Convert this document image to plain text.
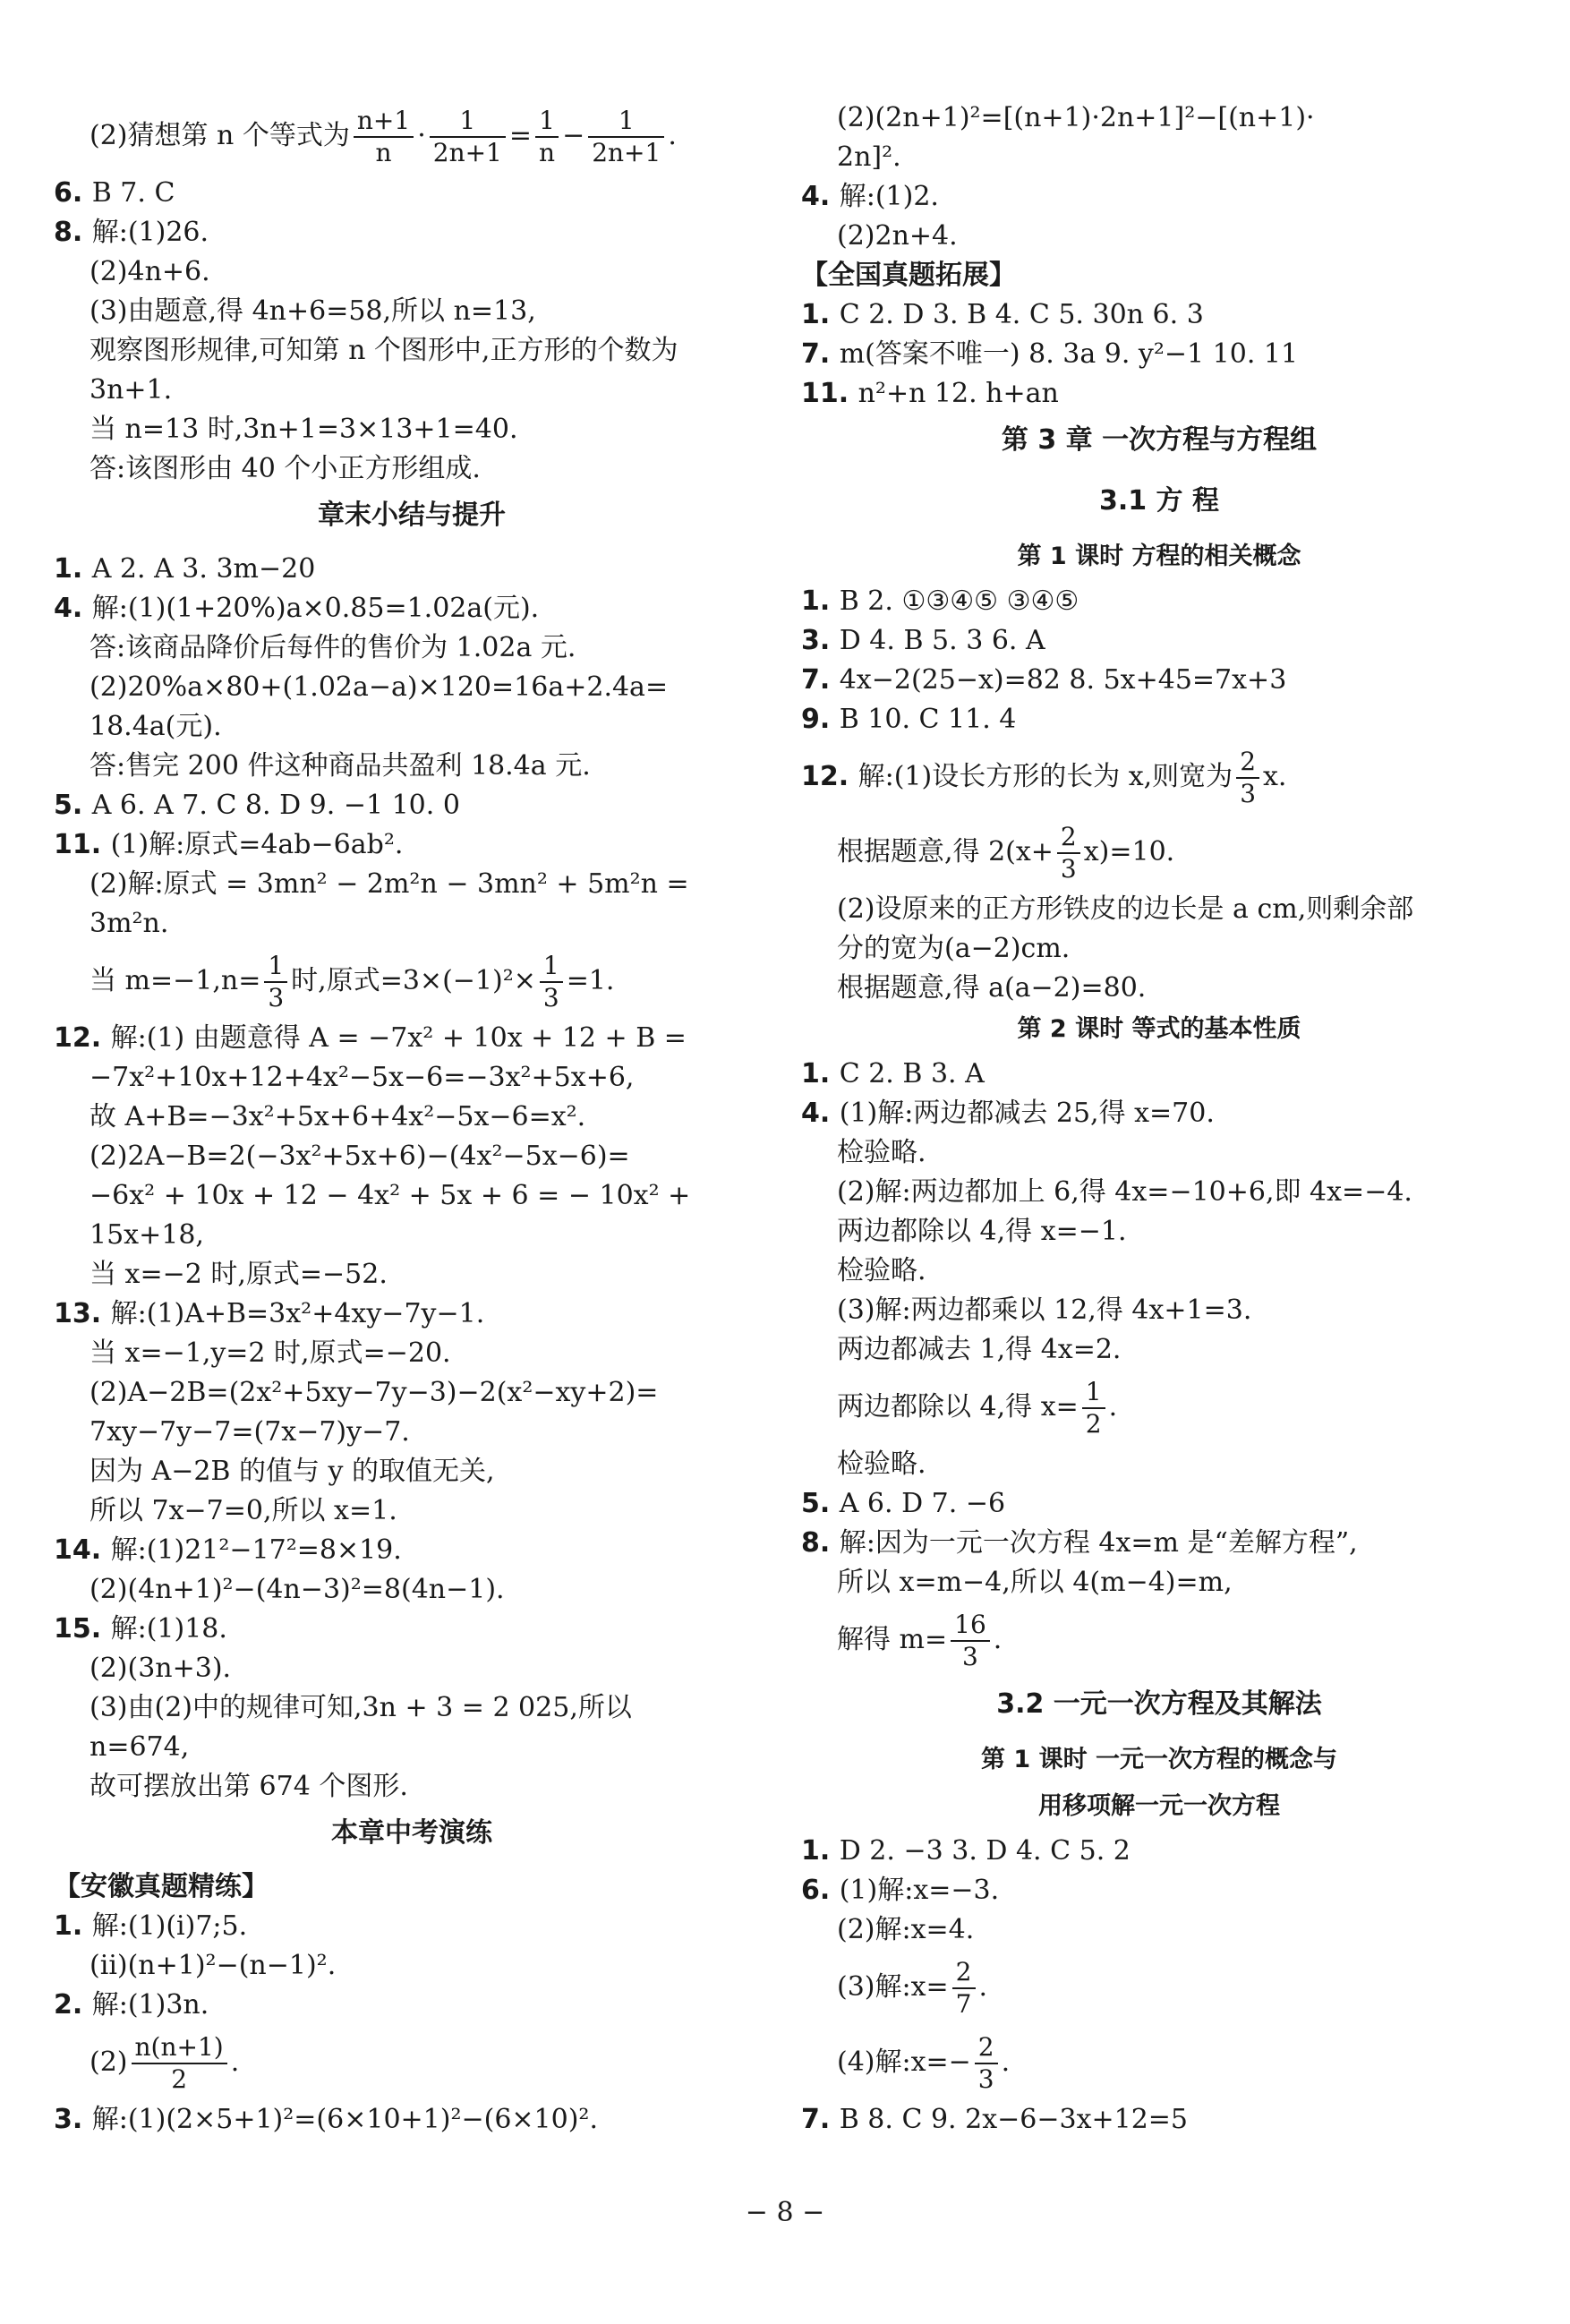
(2)猜想第 n 个等式为 $\frac{n+1}{n} \cdot \frac{1}{2n+1} = \frac{1}{n} - \frac{1}{2n+1}$ .
6. B 7. C
8. 解:(1)26.
(2)4n+6.
(3)由题意,得 4n+6=58,所以 n=13,
观察图形规律,可知第 n 个图形中,正方形的个数为
3n+1.
当 n=13 时,3n+1=3×13+1=40.
答:该图形由 40 个小正方形组成.
章末小结与提升
1. A 2. A 3. 3m−20
4. 解:(1)(1+20%)a×0.85=1.02a(元).
答:该商品降价后每件的售价为 1.02a 元.
(2)20%a×80+(1.02a−a)×120=16a+2.4a=
18.4a(元).
答:售完 200 件这种商品共盈利 18.4a 元.
5. A 6. A 7. C 8. D 9. −1 10. 0
11. (1)解:原式=4ab−6ab².
(2)解:原式 = 3mn² − 2m²n − 3mn² + 5m²n =
3m²n.
当 $m=-1,n= \frac{1}{3}$ 时,原式$=3\times(-1)^2\times \frac{1}{3} =1$.
12. 解:(1) 由题意得 A = −7x² + 10x + 12 + B =
−7x²+10x+12+4x²−5x−6=−3x²+5x+6,
故 A+B=−3x²+5x+6+4x²−5x−6=x².
(2)2A−B=2(−3x²+5x+6)−(4x²−5x−6)=
−6x² + 10x + 12 − 4x² + 5x + 6 = − 10x² +
15x+18,
当 x=−2 时,原式=−52.
13. 解:(1)A+B=3x²+4xy−7y−1.
当 x=−1,y=2 时,原式=−20.
(2)A−2B=(2x²+5xy−7y−3)−2(x²−xy+2)=
7xy−7y−7=(7x−7)y−7.
因为 A−2B 的值与 y 的取值无关,
所以 7x−7=0,所以 x=1.
14. 解:(1)21²−17²=8×19.
(2)(4n+1)²−(4n−3)²=8(4n−1).
15. 解:(1)18.
(2)(3n+3).
(3)由(2)中的规律可知,3n + 3 = 2 025,所以
n=674,
故可摆放出第 674 个图形.
本章中考演练
【安徽真题精练】
1. 解:(1)(ⅰ)7;5.
(ⅱ)(n+1)²−(n−1)².
2. 解:(1)3n.
$(2) \frac{n(n+1)}{2}$ .
3. 解:(1)(2×5+1)²=(6×10+1)²−(6×10)².
(2)(2n+1)²=[(n+1)·2n+1]²−[(n+1)·
2n]².
4. 解:(1)2.
(2)2n+4.
【全国真题拓展】
1. C 2. D 3. B 4. C 5. 30n 6. 3
7. m(答案不唯一) 8. 3a 9. y²−1 10. 11
11. n²+n 12. h+an
第 3 章 一次方程与方程组
3.1 方 程
第 1 课时 方程的相关概念
1. B 2. ①③④⑤ ③④⑤
3. D 4. B 5. 3 6. A
7. 4x−2(25−x)=82 8. 5x+45=7x+3
9. B 10. C 11. 4
12. 解:(1)设长方形的长为 x,则宽为 $\frac{2}{3} x$.
根据题意,得 $2(x+ \frac{2}{3} x)=10$.
(2)设原来的正方形铁皮的边长是 a cm,则剩余部
分的宽为(a−2)cm.
根据题意,得 a(a−2)=80.
第 2 课时 等式的基本性质
1. C 2. B 3. A
4. (1)解:两边都减去 25,得 x=70.
检验略.
(2)解:两边都加上 6,得 4x=−10+6,即 4x=−4.
两边都除以 4,得 x=−1.
检验略.
(3)解:两边都乘以 12,得 4x+1=3.
两边都减去 1,得 4x=2.
两边都除以 4,得 $x= \frac{1}{2}$ .
检验略.
5. A 6. D 7. −6
8. 解:因为一元一次方程 4x=m 是“差解方程”,
所以 x=m−4,所以 4(m−4)=m,
解得 $m= \frac{16}{3}$ .
3.2 一元一次方程及其解法
第 1 课时 一元一次方程的概念与
用移项解一元一次方程
1. D 2. −3 3. D 4. C 5. 2
6. (1)解:x=−3.
(2)解:x=4.
(3)解:x= $\frac{2}{7}$ .
(4)解:x=− $\frac{2}{3}$ .
7. B 8. C 9. 2x−6−3x+12=5
− 8 −
